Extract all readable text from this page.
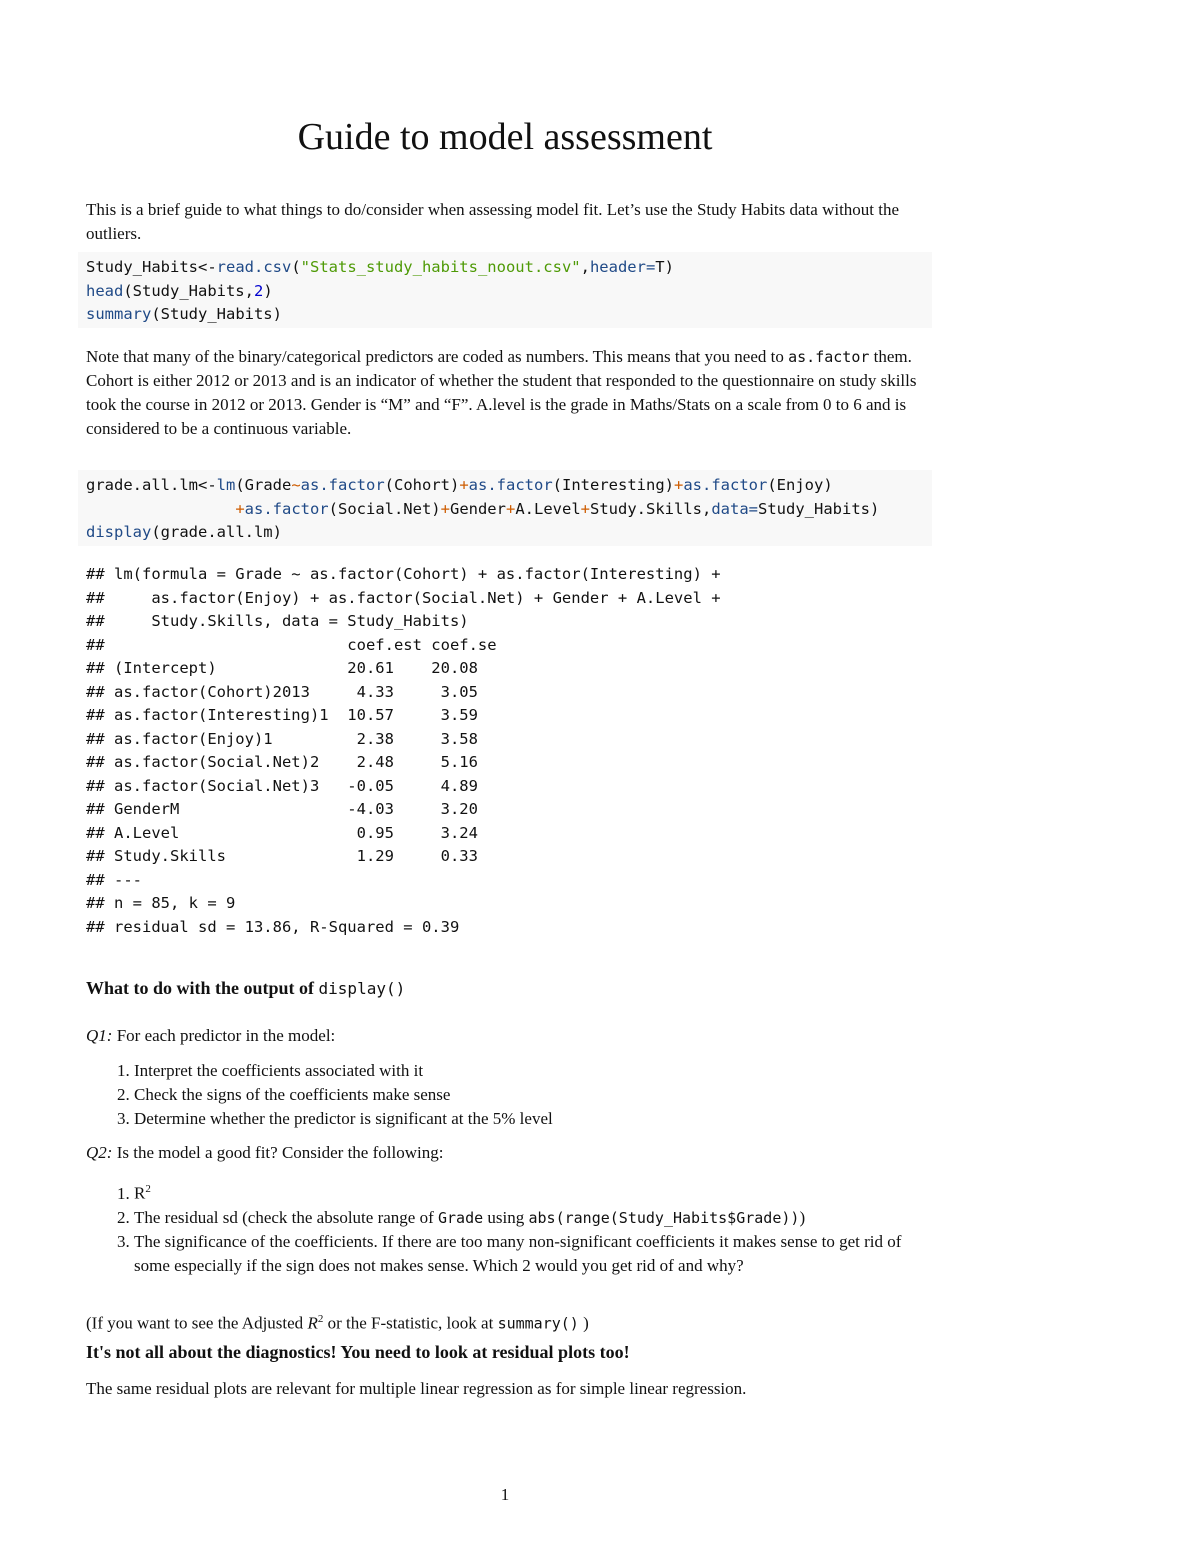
Guide to model assessment

This is a brief guide to what things to do/consider when assessing model fit. Let’s use the Study Habits data without the outliers.

Study_Habits<-read.csv("Stats_study_habits_noout.csv",header=T)
head(Study_Habits,2)
summary(Study_Habits)

Note that many of the binary/categorical predictors are coded as numbers. This means that you need to as.factor them. Cohort is either 2012 or 2013 and is an indicator of whether the student that responded to the questionnaire on study skills took the course in 2012 or 2013. Gender is “M” and “F”. A.level is the grade in Maths/Stats on a scale from 0 to 6 and is considered to be a continuous variable.

grade.all.lm<-lm(Grade~as.factor(Cohort)+as.factor(Interesting)+as.factor(Enjoy)
+as.factor(Social.Net)+Gender+A.Level+Study.Skills,data=Study_Habits)
display(grade.all.lm)
## lm(formula = Grade ~ as.factor(Cohort) + as.factor(Interesting) +
##     as.factor(Enjoy) + as.factor(Social.Net) + Gender + A.Level +
##     Study.Skills, data = Study_Habits)
##                          coef.est coef.se
## (Intercept)              20.61    20.08
## as.factor(Cohort)2013     4.33     3.05
## as.factor(Interesting)1  10.57     3.59
## as.factor(Enjoy)1         2.38     3.58
## as.factor(Social.Net)2    2.48     5.16
## as.factor(Social.Net)3   -0.05     4.89
## GenderM                  -4.03     3.20
## A.Level                   0.95     3.24
## Study.Skills              1.29     0.33
## ---
## n = 85, k = 9
## residual sd = 13.86, R-Squared = 0.39

What to do with the output of display()

Q1: For each predictor in the model:

1. Interpret the coefficients associated with it
2. Check the signs of the coefficients make sense
3. Determine whether the predictor is significant at the 5% level

Q2: Is the model a good fit? Consider the following:

1. $R^2$
2. The residual sd (check the absolute range of Grade using abs(range(Study_Habits$Grade)))
3. The significance of the coefficients. If there are too many non-significant coefficients it makes sense to get rid of some especially if the sign does not makes sense. Which 2 would you get rid of and why?

(If you want to see the Adjusted $R^2$ or the F-statistic, look at summary() )

It's not all about the diagnostics! You need to look at residual plots too!

The same residual plots are relevant for multiple linear regression as for simple linear regression.

1
